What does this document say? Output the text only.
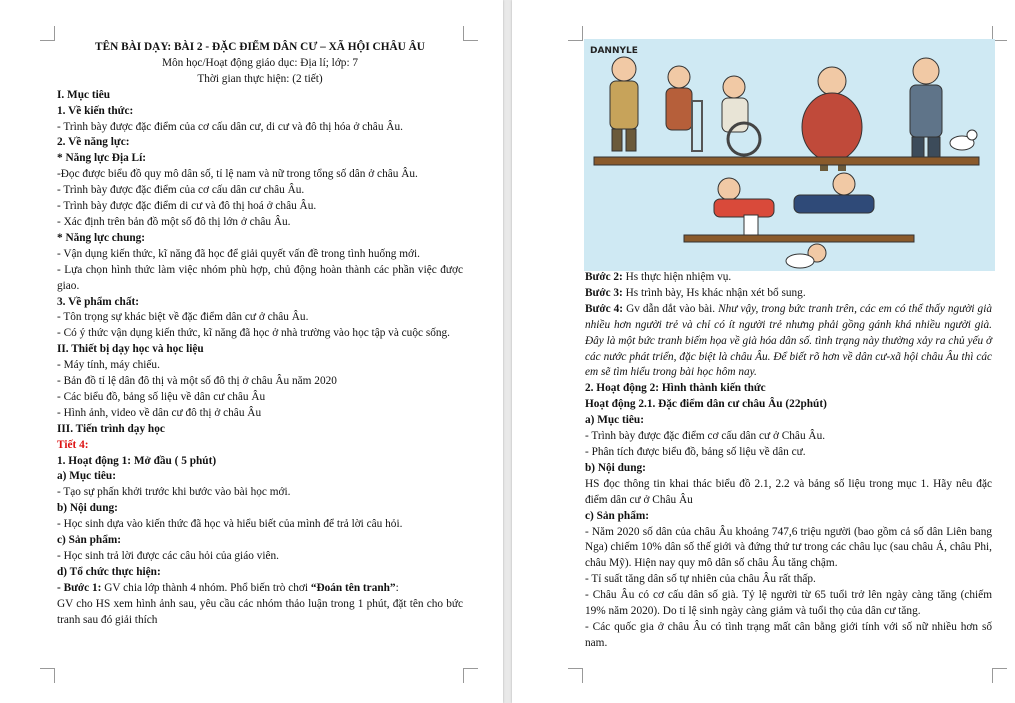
TÊN BÀI DẠY: BÀI 2 - ĐẶC ĐIỂM DÂN CƯ – XÃ HỘI CHÂU ÂU
Môn học/Hoạt động giáo dục: Địa lí; lớp: 7
Thời gian thực hiện: (2 tiết)
I. Mục tiêu
1. Về kiến thức:
- Trình bày được đặc điểm của cơ cấu dân cư, di cư và đô thị hóa ở châu Âu.
2. Về năng lực:
* Năng lực Địa Lí:
-Đọc được biểu đồ quy mô dân số, tỉ lệ nam và nữ trong tổng số dân ở châu Âu.
- Trình bày được đặc điểm của cơ cấu dân cư châu Âu.
- Trình bày được đặc điểm di cư và đô thị hoá ở châu Âu.
- Xác định trên bản đồ một số đô thị lớn ở châu Âu.
* Năng lực chung:
- Vận dụng kiến thức, kĩ năng đã học để giải quyết vấn đề trong tình huống mới.
- Lựa chọn hình thức làm việc nhóm phù hợp, chủ động hoàn thành các phần việc được giao.
3. Về phẩm chất:
- Tôn trọng sự khác biệt về đặc điểm dân cư ở châu Âu.
- Có ý thức vận dụng kiến thức, kĩ năng đã học ở nhà trường vào học tập và cuộc sống.
II. Thiết bị dạy học và học liệu
- Máy tính, máy chiếu.
- Bản đồ tỉ lệ dân đô thị và một số đô thị ở châu Âu năm 2020
- Các biểu đồ, bảng số liệu về dân cư châu Âu
- Hình ảnh, video về dân cư đô thị ở châu Âu
III. Tiến trình dạy học
Tiết 4:
1. Hoạt động 1: Mở đầu ( 5 phút)
a) Mục tiêu:
- Tạo sự phấn khởi trước khi bước vào bài học mới.
b) Nội dung:
- Học sinh dựa vào kiến thức đã học và hiểu biết của mình để trả lời câu hỏi.
c) Sản phẩm:
- Học sinh trả lời được các câu hỏi của giáo viên.
d) Tổ chức thực hiện:
- Bước 1: GV chia lớp thành 4 nhóm. Phổ biến trò chơi “Đoán tên tranh”:
GV cho HS xem hình ảnh sau, yêu cầu các nhóm thảo luận trong 1 phút, đặt tên cho bức tranh sau đó giải thích
Bước 2: Hs thực hiện nhiệm vụ.
Bước 3: Hs trình bày, Hs khác nhận xét bổ sung.
Bước 4: Gv dẫn dắt vào bài. Như vậy, trong bức tranh trên, các em có thể thấy người già nhiều hơn người trẻ và chỉ có ít người trẻ nhưng phải gồng gánh khá nhiều người già. Đây là một bức tranh biếm họa về già hóa dân số. tình trạng này thường xảy ra chủ yếu ở các nước phát triển, đặc biệt là châu Âu. Để biết rõ hơn về dân cư-xã hội châu Âu thì các em sẽ tìm hiểu trong bài học hôm nay.
2. Hoạt động 2: Hình thành kiến thức
Hoạt động 2.1. Đặc điểm dân cư châu Âu (22phút)
a) Mục tiêu:
- Trình bày được đặc điểm cơ cấu dân cư ở Châu Âu.
- Phân tích được biểu đồ, bảng số liệu về dân cư.
b) Nội dung:
HS đọc thông tin khai thác biểu đồ 2.1, 2.2 và bảng số liệu trong mục 1. Hãy nêu đặc điểm dân cư ở Châu Âu
c) Sản phẩm:
- Năm 2020 số dân của châu Âu khoảng 747,6 triệu người (bao gồm cả số dân Liên bang Nga) chiếm 10% dân số thế giới và đứng thứ tư trong các châu lục (sau châu Á, châu Phi, châu Mỹ). Hiện nay quy mô dân số châu Âu tăng chậm.
- Tỉ suất tăng dân số tự nhiên của châu Âu rất thấp.
- Châu Âu có cơ cấu dân số già. Tỷ lệ người từ 65 tuổi trở lên ngày càng tăng (chiếm 19% năm 2020). Do tỉ lệ sinh ngày càng giảm và tuổi thọ của dân cư tăng.
- Các quốc gia ở châu Âu có tình trạng mất cân bằng giới tính với số nữ nhiều hơn số nam.
DANNYLE
